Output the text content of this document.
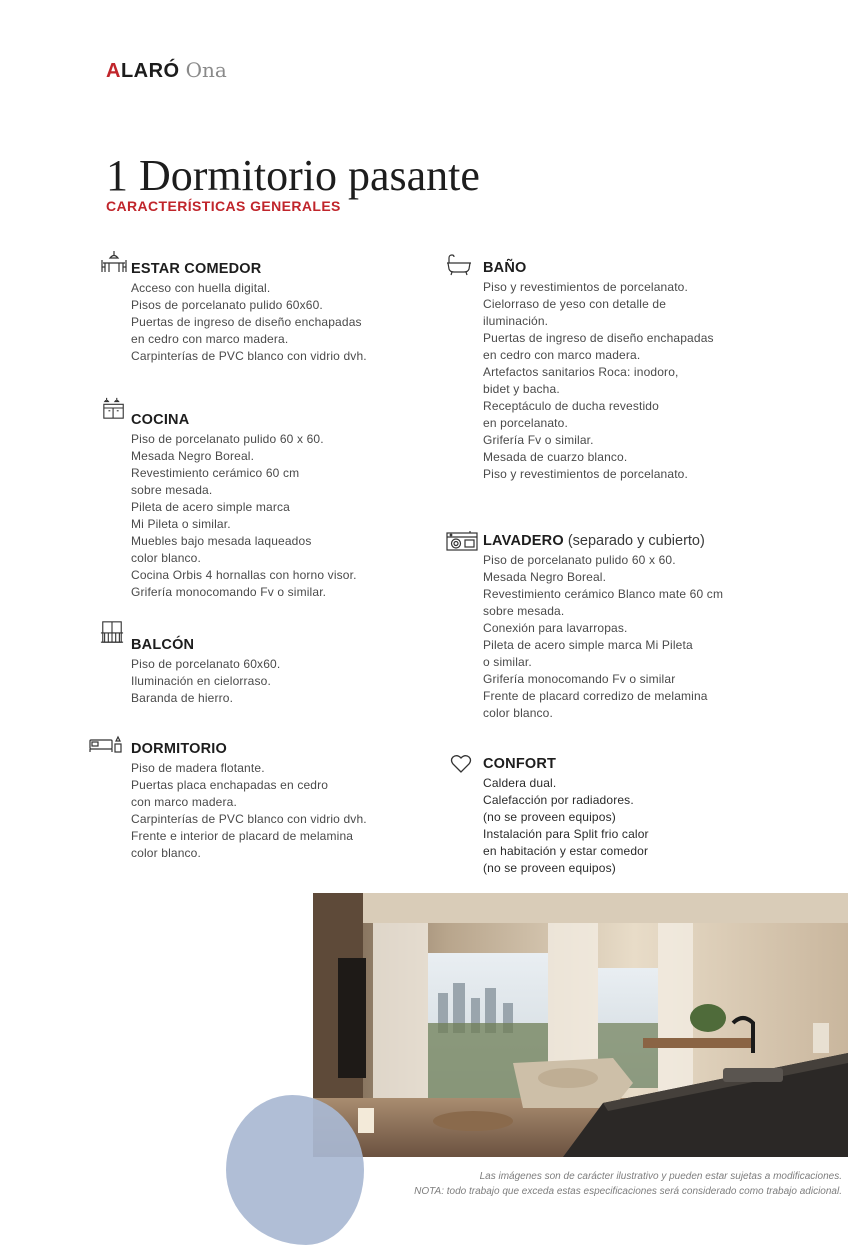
ALARÓ Ona
1 Dormitorio pasante
CARACTERÍSTICAS GENERALES
ESTAR COMEDOR
Acceso con huella digital.
Pisos de porcelanato pulido 60x60.
Puertas de ingreso de diseño enchapadas
en cedro con marco madera.
Carpinterías de PVC blanco con vidrio dvh.
COCINA
Piso de porcelanato pulido 60 x 60.
Mesada Negro Boreal.
Revestimiento cerámico 60 cm
sobre mesada.
Pileta de acero simple marca
Mi Pileta o similar.
Muebles bajo mesada laqueados
color blanco.
Cocina Orbis 4 hornallas con horno visor.
Grifería monocomando Fv o similar.
BALCÓN
Piso de porcelanato 60x60.
Iluminación en cielorraso.
Baranda de hierro.
DORMITORIO
Piso de madera flotante.
Puertas placa enchapadas en cedro
con marco madera.
Carpinterías de PVC blanco con vidrio dvh.
Frente e interior de placard de melamina
color blanco.
BAÑO
Piso y revestimientos de porcelanato.
Cielorraso de yeso con detalle de
iluminación.
Puertas de ingreso de diseño enchapadas
en cedro con marco madera.
Artefactos sanitarios Roca: inodoro,
bidet y bacha.
Receptáculo de ducha revestido
en porcelanato.
Grifería Fv o similar.
Mesada de cuarzo blanco.
Piso y revestimientos de porcelanato.
LAVADERO (separado y cubierto)
Piso de porcelanato pulido 60 x 60.
Mesada Negro Boreal.
Revestimiento cerámico Blanco mate 60 cm
sobre mesada.
Conexión para lavarropas.
Pileta de acero simple marca Mi Pileta
o similar.
Grifería monocomando Fv o similar
Frente de placard corredizo de melamina
color blanco.
CONFORT
Caldera dual.
Calefacción por radiadores.
(no se proveen equipos)
Instalación para Split frio calor
en habitación y estar comedor
(no se proveen equipos)
Las imágenes son de carácter ilustrativo y pueden estar sujetas a modificaciones.
NOTA: todo trabajo que exceda estas especificaciones será considerado como trabajo adicional.
